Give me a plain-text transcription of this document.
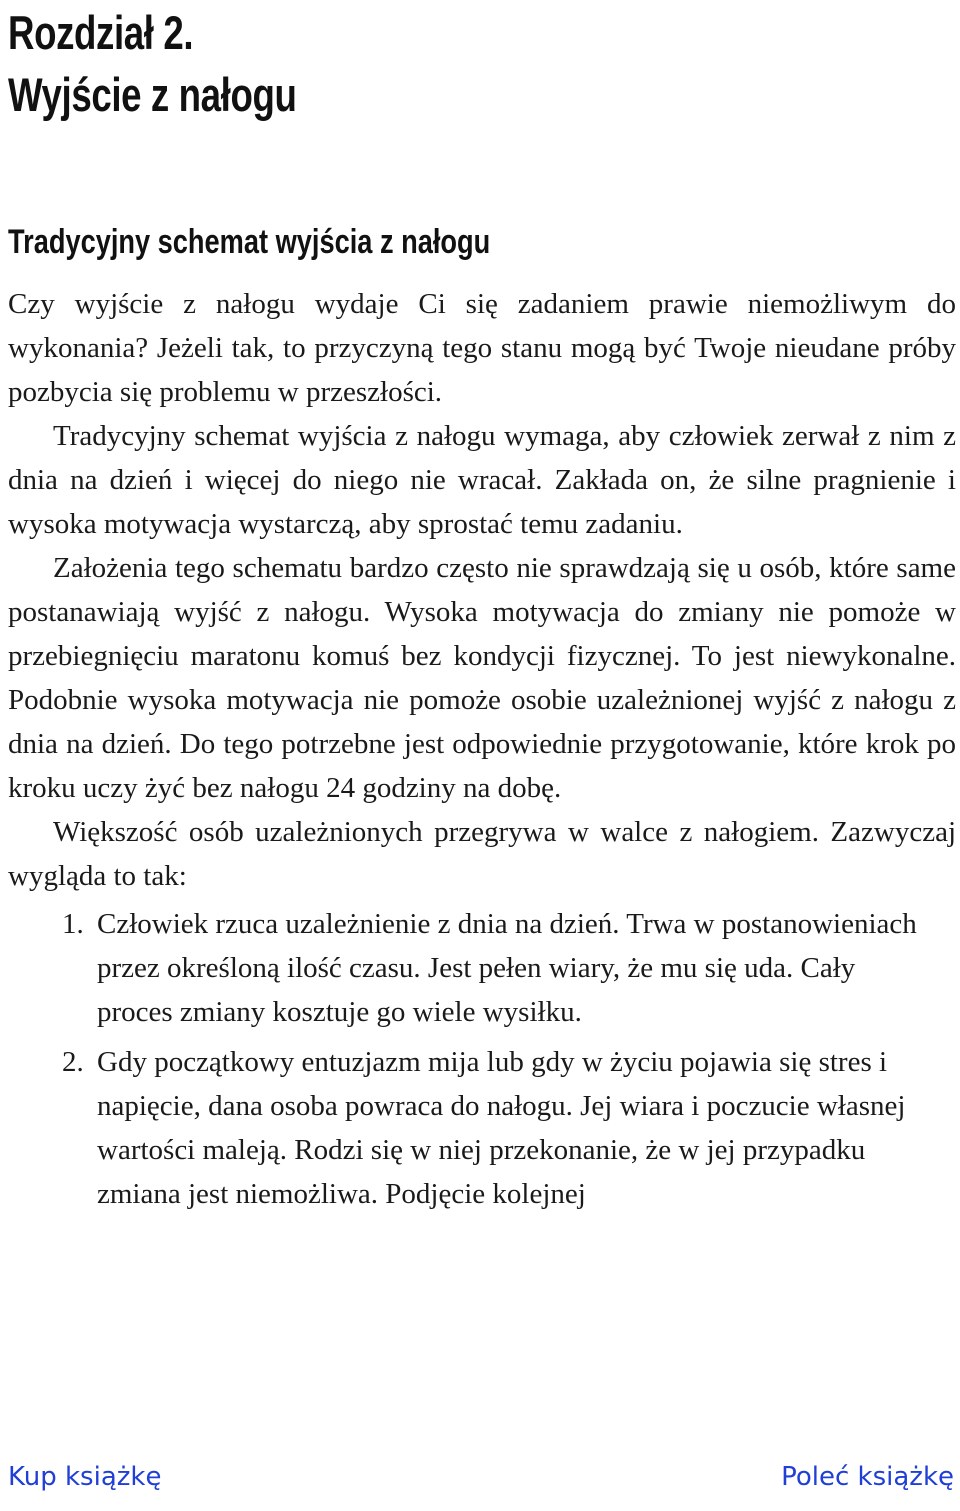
Rozdział 2.
Wyjście z nałogu
Tradycyjny schemat wyjścia z nałogu

Czy wyjście z nałogu wydaje Ci się zadaniem prawie niemożliwym do wykonania? Jeżeli tak, to przyczyną tego stanu mogą być Twoje nieudane próby pozbycia się problemu w przeszłości.

Tradycyjny schemat wyjścia z nałogu wymaga, aby człowiek zerwał z nim z dnia na dzień i więcej do niego nie wracał. Zakłada on, że silne pragnienie i wysoka motywacja wystarczą, aby sprostać temu zadaniu.

Założenia tego schematu bardzo często nie sprawdzają się u osób, które same postanawiają wyjść z nałogu. Wysoka motywacja do zmiany nie pomoże w przebiegnięciu maratonu komuś bez kondycji fizycznej. To jest niewykonalne. Podobnie wysoka motywacja nie pomoże osobie uzależnionej wyjść z nałogu z dnia na dzień. Do tego potrzebne jest odpowiednie przygotowanie, które krok po kroku uczy żyć bez nałogu 24 godziny na dobę.

Większość osób uzależnionych przegrywa w walce z nałogiem. Zazwyczaj wygląda to tak:

1. Człowiek rzuca uzależnienie z dnia na dzień. Trwa w postanowieniach przez określoną ilość czasu. Jest pełen wiary, że mu się uda. Cały proces zmiany kosztuje go wiele wysiłku.
2. Gdy początkowy entuzjazm mija lub gdy w życiu pojawia się stres i napięcie, dana osoba powraca do nałogu. Jej wiara i poczucie własnej wartości maleją. Rodzi się w niej przekonanie, że w jej przypadku zmiana jest niemożliwa. Podjęcie kolejnej
Kup książkę	Poleć książkę
